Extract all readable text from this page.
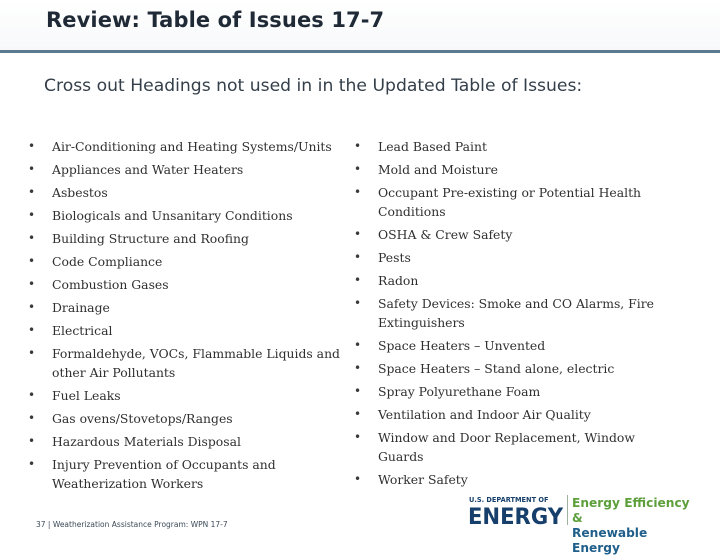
Review: Table of Issues 17-7
Cross out Headings not used in in the Updated Table of Issues:
• Air-Conditioning and Heating Systems/Units
• Appliances and Water Heaters
• Asbestos
• Biologicals and Unsanitary Conditions
• Building Structure and Roofing
• Code Compliance
• Combustion Gases
• Drainage
• Electrical
• Formaldehyde, VOCs, Flammable Liquids and other Air Pollutants
• Fuel Leaks
• Gas ovens/Stovetops/Ranges
• Hazardous Materials Disposal
• Injury Prevention of Occupants and Weatherization Workers
• Lead Based Paint
• Mold and Moisture
• Occupant Pre-existing or Potential Health Conditions
• OSHA & Crew Safety
• Pests
• Radon
• Safety Devices: Smoke and CO Alarms, Fire Extinguishers
• Space Heaters – Unvented
• Space Heaters – Stand alone, electric
• Spray Polyurethane Foam
• Ventilation and Indoor Air Quality
• Window and Door Replacement, Window Guards
• Worker Safety
37 | Weatherization Assistance Program: WPN 17-7
U.S. DEPARTMENT OF
ENERGY
Energy Efficiency &
Renewable Energy
